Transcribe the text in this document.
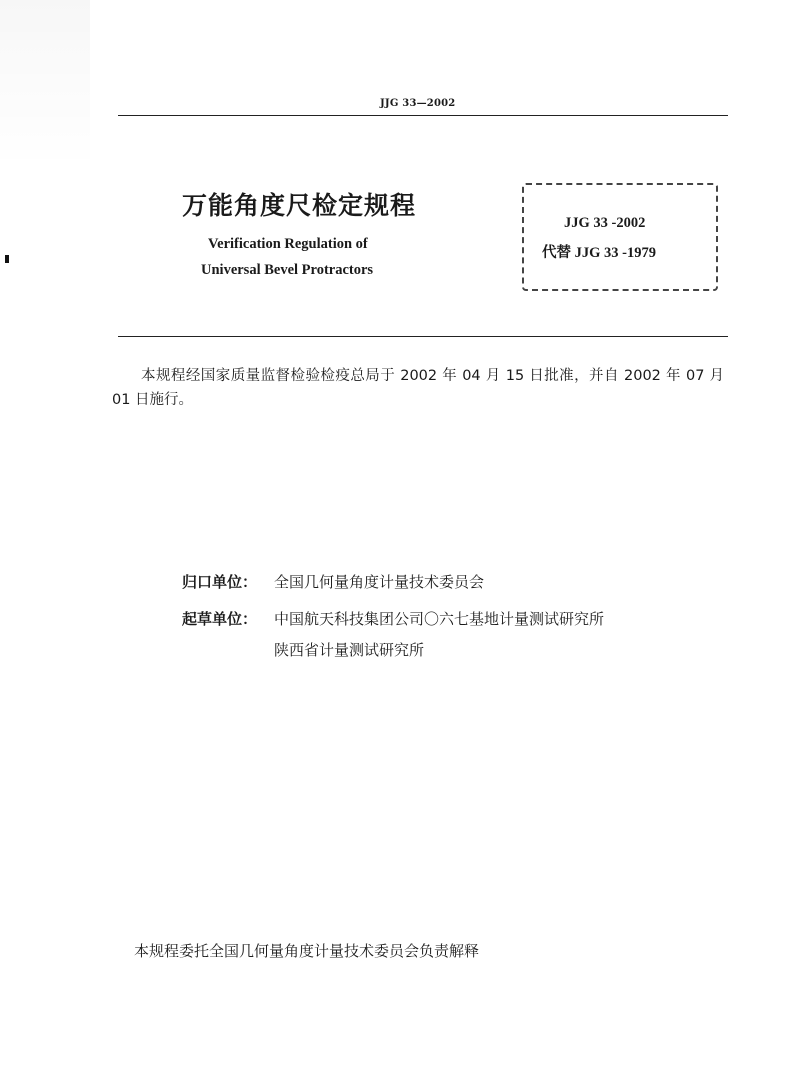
JJG 33—2002
万能角度尺检定规程
Verification Regulation of
Universal Bevel Protractors
JJG 33 -2002
代替 JJG 33 -1979
本规程经国家质量监督检验检疫总局于 2002 年 04 月 15 日批准，并自 2002 年 07 月 01 日施行。
归口单位： 全国几何量角度计量技术委员会
起草单位： 中国航天科技集团公司〇六七基地计量测试研究所
陕西省计量测试研究所
本规程委托全国几何量角度计量技术委员会负责解释
